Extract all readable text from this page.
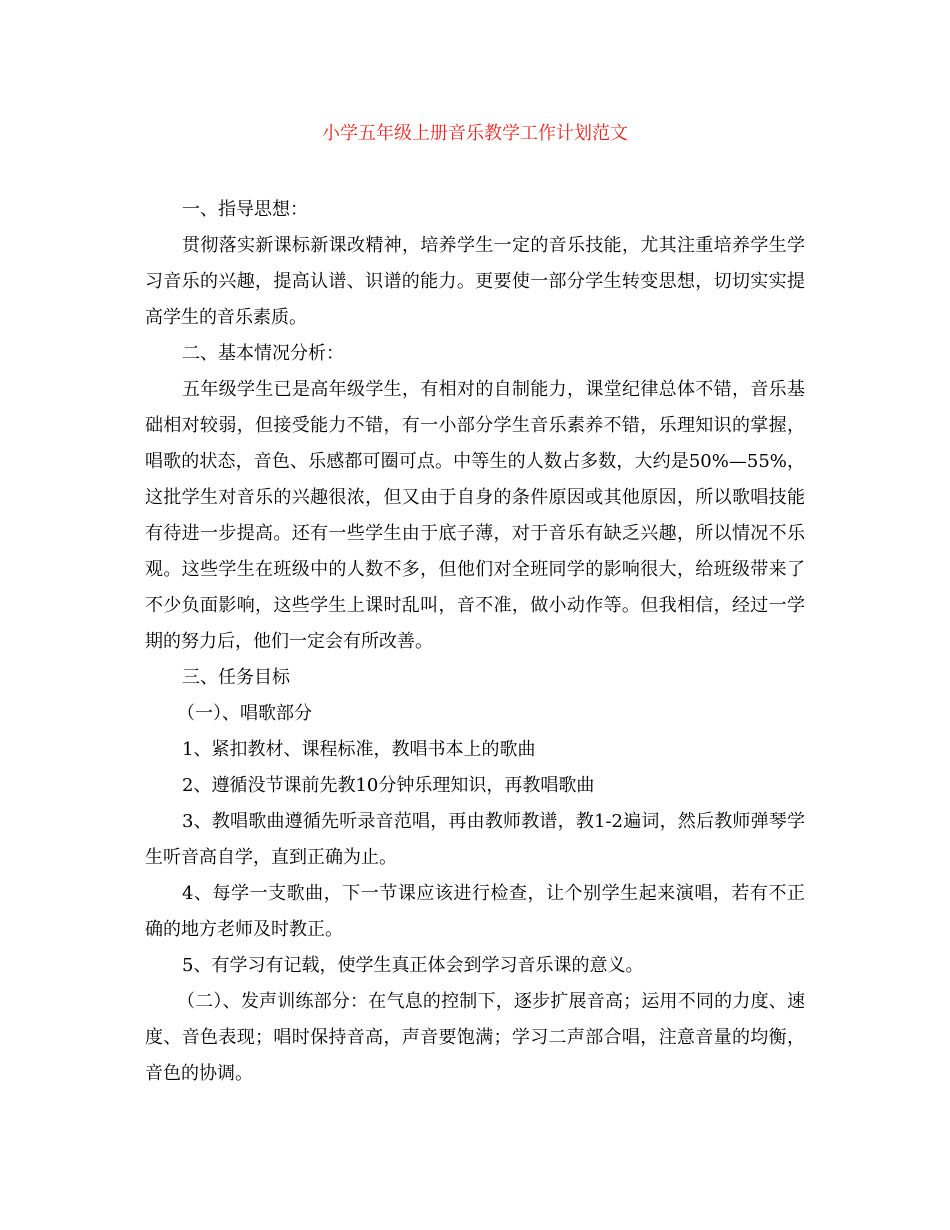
小学五年级上册音乐教学工作计划范文

一、指导思想：

贯彻落实新课标新课改精神，培养学生一定的音乐技能，尤其注重培养学生学习音乐的兴趣，提高认谱、识谱的能力。更要使一部分学生转变思想，切切实实提高学生的音乐素质。

二、基本情况分析：

五年级学生已是高年级学生，有相对的自制能力，课堂纪律总体不错，音乐基础相对较弱，但接受能力不错，有一小部分学生音乐素养不错，乐理知识的掌握，唱歌的状态，音色、乐感都可圈可点。中等生的人数占多数，大约是50%—55%，这批学生对音乐的兴趣很浓，但又由于自身的条件原因或其他原因，所以歌唱技能有待进一步提高。还有一些学生由于底子薄，对于音乐有缺乏兴趣，所以情况不乐观。这些学生在班级中的人数不多，但他们对全班同学的影响很大，给班级带来了不少负面影响，这些学生上课时乱叫，音不准，做小动作等。但我相信，经过一学期的努力后，他们一定会有所改善。

三、任务目标

（一）、唱歌部分

1、紧扣教材、课程标准，教唱书本上的歌曲

2、遵循没节课前先教10分钟乐理知识，再教唱歌曲

3、教唱歌曲遵循先听录音范唱，再由教师教谱，教1-2遍词，然后教师弹琴学生听音高自学，直到正确为止。

4、每学一支歌曲，下一节课应该进行检查，让个别学生起来演唱，若有不正确的地方老师及时教正。

5、有学习有记载，使学生真正体会到学习音乐课的意义。

（二）、发声训练部分：在气息的控制下，逐步扩展音高；运用不同的力度、速度、音色表现；唱时保持音高，声音要饱满；学习二声部合唱，注意音量的均衡，音色的协调。
